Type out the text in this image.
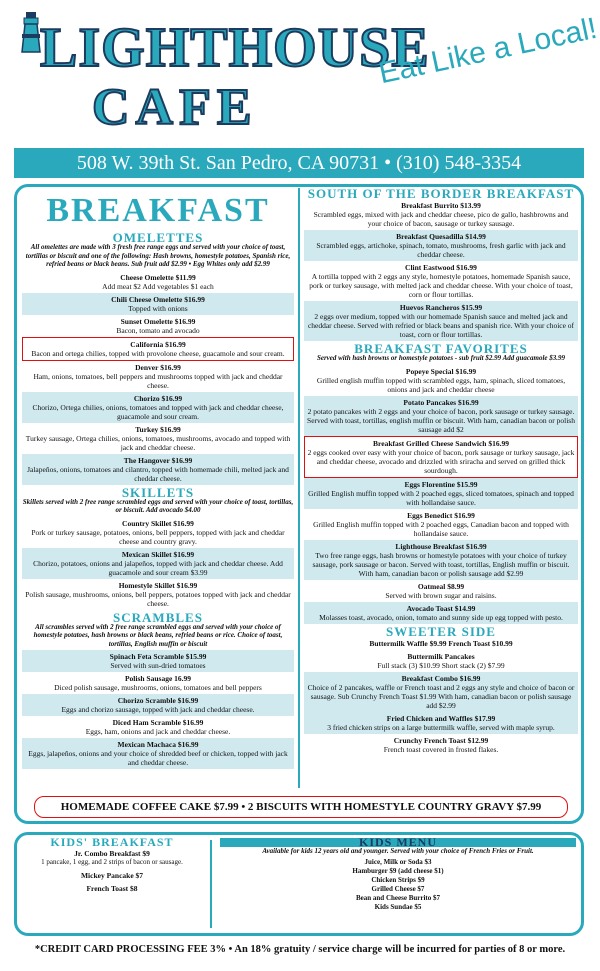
LIGHTHOUSE
CAFE
Eat Like a Local!
508 W. 39th St. San Pedro, CA 90731 • (310) 548-3354
BREAKFAST
OMELETTES
All omelettes are made with 3 fresh free range eggs and served with your choice of toast, tortillas or biscuit and one of the following: Hash browns, homestyle potatoes, Spanish rice, refried beans or black beans. Sub fruit add $2.99 • Egg Whites only add $2.99
Cheese Omelette $11.99
Add meat $2 Add vegetables $1 each
Chili Cheese Omelette $16.99
Topped with onions
Sunset Omelette $16.99
Bacon, tomato and avocado
California $16.99
Bacon and ortega chilies, topped with provolone cheese, guacamole and sour cream.
Denver $16.99
Ham, onions, tomatoes, bell peppers and mushrooms topped with jack and cheddar cheese.
Chorizo $16.99
Chorizo, Ortega chilies, onions, tomatoes and topped with jack and cheddar cheese, guacamole and sour cream.
Turkey $16.99
Turkey sausage, Ortega chilies, onions, tomatoes, mushrooms, avocado and topped with jack and cheddar cheese.
The Hangover $16.99
Jalapeños, onions, tomatoes and cilantro, topped with homemade chili, melted jack and cheddar cheese.
SKILLETS
Skillets served with 2 free range scrambled eggs and served with your choice of toast, tortillas, or biscuit. Add avocado $4.00
Country Skillet $16.99
Pork or turkey sausage, potatoes, onions, bell peppers, topped with jack and cheddar cheese and country gravy.
Mexican Skillet $16.99
Chorizo, potatoes, onions and jalapeños, topped with jack and cheddar cheese. Add guacamole and sour cream $3.99
Homestyle Skillet $16.99
Polish sausage, mushrooms, onions, bell peppers, potatoes topped with jack and cheddar cheese.
SCRAMBLES
All scrambles served with 2 free range scrambled eggs and served with your choice of homestyle potatoes, hash browns or black beans, refried beans or rice. Choice of toast, tortillas, English muffin or biscuit
Spinach Feta Scramble $15.99
Served with sun-dried tomatoes
Polish Sausage 16.99
Diced polish sausage, mushrooms, onions, tomatoes and bell peppers
Chorizo Scramble $16.99
Eggs and chorizo sausage, topped with jack and cheddar cheese.
Diced Ham Scramble $16.99
Eggs, ham, onions and jack and cheddar cheese.
Mexican Machaca $16.99
Eggs, jalapeños, onions and your choice of shredded beef or chicken, topped with jack and cheddar cheese.
SOUTH OF THE BORDER BREAKFAST
Breakfast Burrito $13.99
Scrambled eggs, mixed with jack and cheddar cheese, pico de gallo, hashbrowns and your choice of bacon, sausage or turkey sausage.
Breakfast Quesadilla $14.99
Scrambled eggs, artichoke, spinach, tomato, mushrooms, fresh garlic with jack and cheddar cheese.
Clint Eastwood $16.99
A tortilla topped with 2 eggs any style, homestyle potatoes, homemade Spanish sauce, pork or turkey sausage, with melted jack and cheddar cheese. With your choice of toast, corn or flour tortillas.
Huevos Rancheros $15.99
2 eggs over medium, topped with our homemade Spanish sauce and melted jack and cheddar cheese. Served with refried or black beans and spanish rice. With your choice of toast, corn or flour tortillas.
BREAKFAST FAVORITES
Served with hash browns or homestyle potatoes - sub fruit $2.99 Add guacamole $3.99
Popeye Special $16.99
Grilled english muffin topped with scrambled eggs, ham, spinach, sliced tomatoes, onions and jack and cheddar cheese
Potato Pancakes $16.99
2 potato pancakes with 2 eggs and your choice of bacon, pork sausage or turkey sausage. Served with toast, tortillas, english muffin or biscuit. With ham, canadian bacon or polish sausage add $2
Breakfast Grilled Cheese Sandwich $16.99
2 eggs cooked over easy with your choice of bacon, pork sausage or turkey sausage, jack and cheddar cheese, avocado and drizzled with sriracha and served on grilled thick sourdough.
Eggs Florentine $15.99
Grilled English muffin topped with 2 poached eggs, sliced tomatoes, spinach and topped with hollandaise sauce.
Eggs Benedict $16.99
Grilled English muffin topped with 2 poached eggs, Canadian bacon and topped with hollandaise sauce.
Lighthouse Breakfast $16.99
Two free range eggs, hash browns or homestyle potatoes with your choice of turkey sausage, pork sausage or bacon. Served with toast, tortillas, English muffin or biscuit. With ham, canadian bacon or polish sausage add $2.99
Oatmeal $8.99
Served with brown sugar and raisins.
Avocado Toast $14.99
Molasses toast, avocado, onion, tomato and sunny side up egg topped with pesto.
SWEETER SIDE
Buttermilk Waffle $9.99 French Toast $10.99
Buttermilk Pancakes
Full stack (3) $10.99 Short stack (2) $7.99
Breakfast Combo $16.99
Choice of 2 pancakes, waffle or French toast and 2 eggs any style and choice of bacon or sausage. Sub Crunchy French Toast $1.99 With ham, canadian bacon or polish sausage add $2.99
Fried Chicken and Waffles $17.99
3 fried chicken strips on a large buttermilk waffle, served with maple syrup.
Crunchy French Toast $12.99
French toast covered in frosted flakes.
HOMEMADE COFFEE CAKE $7.99 • 2 BISCUITS WITH HOMESTYLE COUNTRY GRAVY $7.99
KIDS' BREAKFAST
Jr. Combo Breakfast $9
1 pancake, 1 egg, and 2 strips of bacon or sausage.
Mickey Pancake $7
French Toast $8
KIDS MENU
Available for kids 12 years old and younger. Served with your choice of French Fries or Fruit.
Juice, Milk or Soda $3
Hamburger $9 (add cheese $1)
Chicken Strips $9
Grilled Cheese $7
Bean and Cheese Burrito $7
Kids Sundae $5
*CREDIT CARD PROCESSING FEE 3% • An 18% gratuity / service charge will be incurred for parties of 8 or more.
